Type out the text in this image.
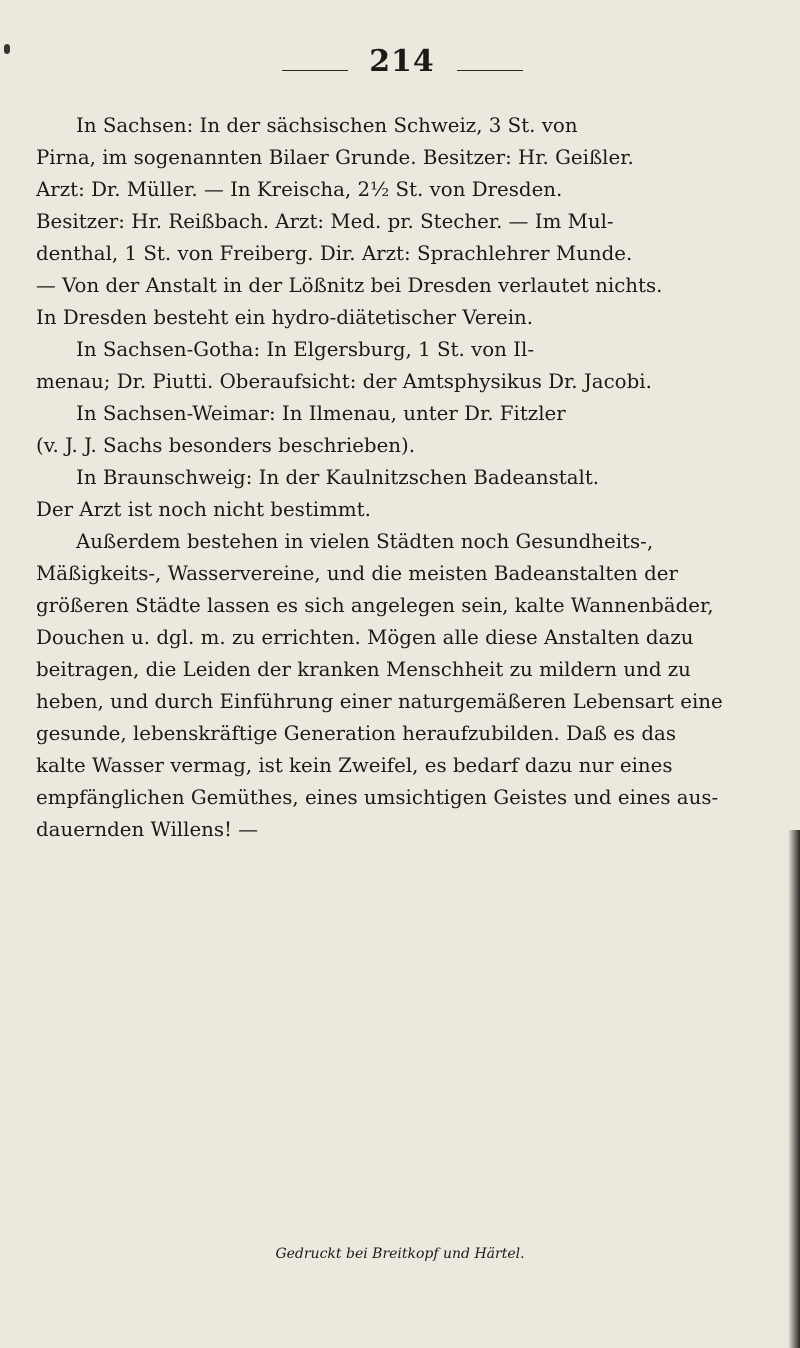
214
In Sachsen: In der sächsischen Schweiz, 3 St. von
Pirna, im sogenannten Bilaer Grunde. Besitzer: Hr. Geißler.
Arzt: Dr. Müller. — In Kreischa, 2½ St. von Dresden.
Besitzer: Hr. Reißbach. Arzt: Med. pr. Stecher. — Im Mul-
denthal, 1 St. von Freiberg. Dir. Arzt: Sprachlehrer Munde.
— Von der Anstalt in der Lößnitz bei Dresden verlautet nichts.
In Dresden besteht ein hydro-diätetischer Verein.
In Sachsen-Gotha: In Elgersburg, 1 St. von Il-
menau; Dr. Piutti. Oberaufsicht: der Amtsphysikus Dr. Jacobi.
In Sachsen-Weimar: In Ilmenau, unter Dr. Fitzler
(v. J. J. Sachs besonders beschrieben).
In Braunschweig: In der Kaulnitzschen Badeanstalt.
Der Arzt ist noch nicht bestimmt.
Außerdem bestehen in vielen Städten noch Gesundheits-,
Mäßigkeits-, Wasservereine, und die meisten Badeanstalten der
größeren Städte lassen es sich angelegen sein, kalte Wannenbäder,
Douchen u. dgl. m. zu errichten. Mögen alle diese Anstalten dazu
beitragen, die Leiden der kranken Menschheit zu mildern und zu
heben, und durch Einführung einer naturgemäßeren Lebensart eine
gesunde, lebenskräftige Generation heraufzubilden. Daß es das
kalte Wasser vermag, ist kein Zweifel, es bedarf dazu nur eines
empfänglichen Gemüthes, eines umsichtigen Geistes und eines aus-
dauernden Willens! —
Gedruckt bei Breitkopf und Härtel.
